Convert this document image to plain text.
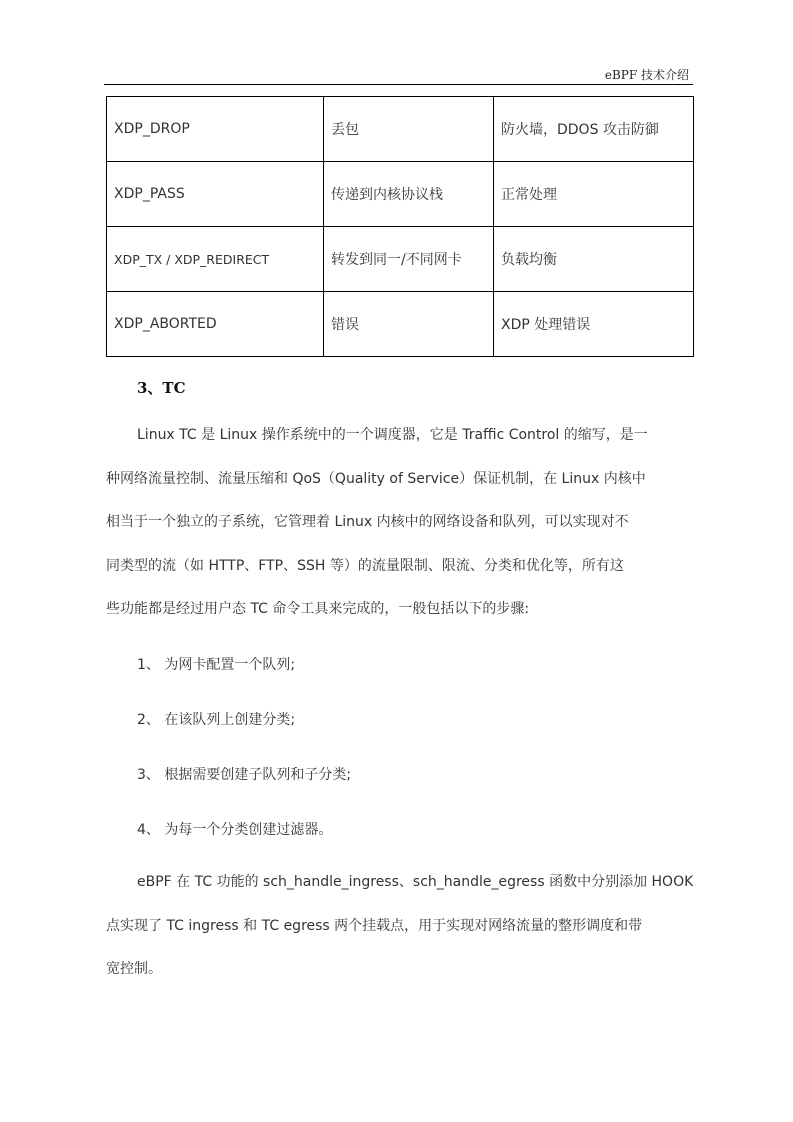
eBPF 技术介绍
XDP_DROP	丢包	防火墙，DDOS 攻击防御
XDP_PASS	传递到内核协议栈	正常处理
XDP_TX / XDP_REDIRECT	转发到同一/不同网卡	负载均衡
XDP_ABORTED	错误	XDP 处理错误
3、TC
Linux TC 是 Linux 操作系统中的一个调度器，它是 Traffic Control 的缩写，是一
种网络流量控制、流量压缩和 QoS（Quality of Service）保证机制，在 Linux 内核中
相当于一个独立的子系统，它管理着 Linux 内核中的网络设备和队列，可以实现对不
同类型的流（如 HTTP、FTP、SSH 等）的流量限制、限流、分类和优化等，所有这
些功能都是经过用户态 TC 命令工具来完成的，一般包括以下的步骤:
1、 为网卡配置一个队列;
2、 在该队列上创建分类;
3、 根据需要创建子队列和子分类;
4、 为每一个分类创建过滤器。
eBPF 在 TC 功能的 sch_handle_ingress、sch_handle_egress 函数中分别添加 HOOK
点实现了 TC ingress 和 TC egress 两个挂载点，用于实现对网络流量的整形调度和带
宽控制。
